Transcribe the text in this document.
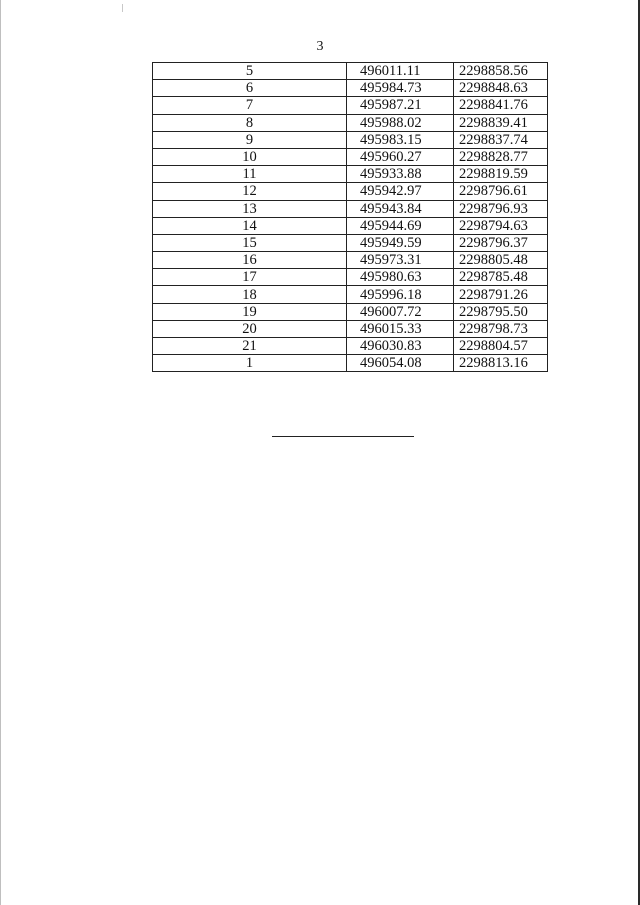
3
5	496011.11	2298858.56
6	495984.73	2298848.63
7	495987.21	2298841.76
8	495988.02	2298839.41
9	495983.15	2298837.74
10	495960.27	2298828.77
11	495933.88	2298819.59
12	495942.97	2298796.61
13	495943.84	2298796.93
14	495944.69	2298794.63
15	495949.59	2298796.37
16	495973.31	2298805.48
17	495980.63	2298785.48
18	495996.18	2298791.26
19	496007.72	2298795.50
20	496015.33	2298798.73
21	496030.83	2298804.57
1	496054.08	2298813.16
